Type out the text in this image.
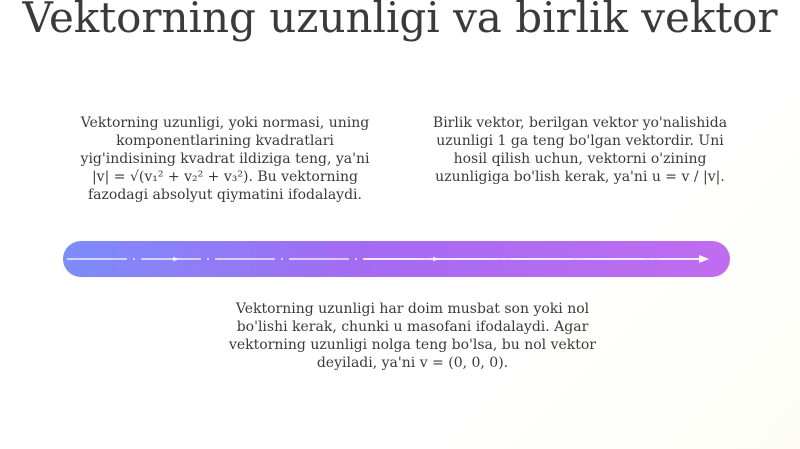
Vektorning uzunligi va birlik vektor

Vektorning uzunligi, yoki normasi, uning komponentlarining kvadratlari yig'indisining kvadrat ildiziga teng, ya'ni |v| = √(v₁² + v₂² + v₃²). Bu vektorning fazodagi absolyut qiymatini ifodalaydi.

Birlik vektor, berilgan vektor yo'nalishida uzunligi 1 ga teng bo'lgan vektordir. Uni hosil qilish uchun, vektorni o'zining uzunligiga bo'lish kerak, ya'ni u = v / |v|.

Vektorning uzunligi har doim musbat son yoki nol bo'lishi kerak, chunki u masofani ifodalaydi. Agar vektorning uzunligi nolga teng bo'lsa, bu nol vektor deyiladi, ya'ni v = (0, 0, 0).
